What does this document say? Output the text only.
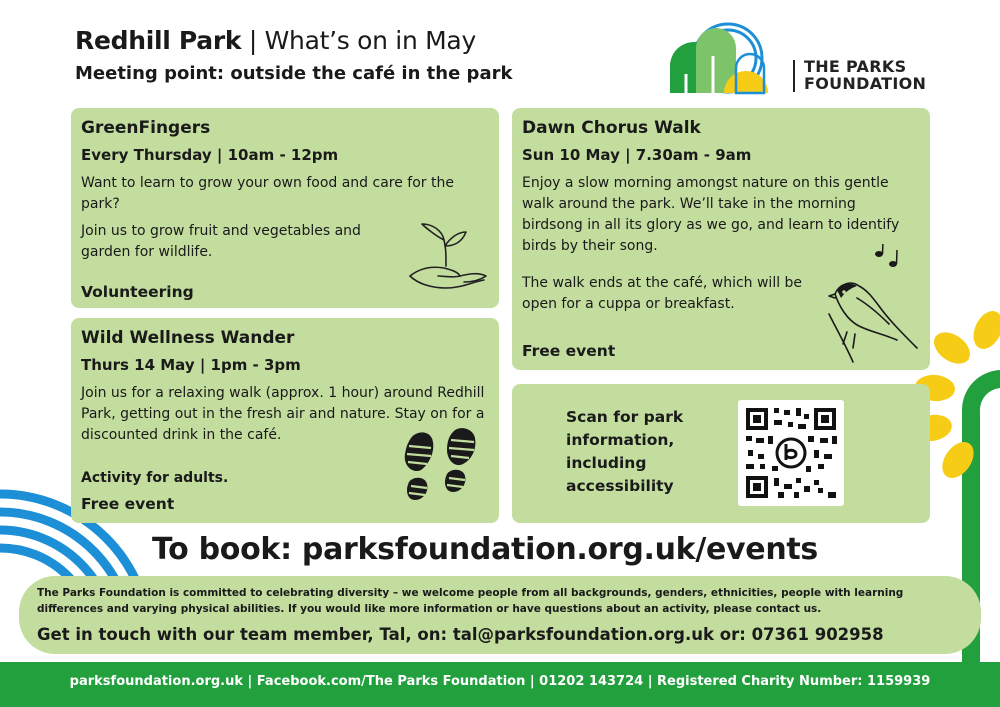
Redhill Park | What’s on in May
Meeting point: outside the café in the park	THE PARKS
FOUNDATION
GreenFingers
Every Thursday | 10am - 12pm

Want to learn to grow your own food and care for the park?

Join us to grow fruit and vegetables and garden for wildlife.

Volunteering
Wild Wellness Wander
Thurs 14 May | 1pm - 3pm

Join us for a relaxing walk (approx. 1 hour) around Redhill Park, getting out in the fresh air and nature. Stay on for a discounted drink in the café.

Activity for adults.
Free event
Dawn Chorus Walk
Sun 10 May | 7.30am - 9am

Enjoy a slow morning amongst nature on this gentle walk around the park. We’ll take in the morning birdsong in all its glory as we go, and learn to identify birds by their song.

The walk ends at the café, which will be open for a cuppa or breakfast.

Free event
Scan for park information, including accessibility
To book: parksfoundation.org.uk/events
The Parks Foundation is committed to celebrating diversity – we welcome people from all backgrounds, genders, ethnicities, people with learning differences and varying physical abilities. If you would like more information or have questions about an activity, please contact us.
Get in touch with our team member, Tal, on: tal@parksfoundation.org.uk or: 07361 902958
parksfoundation.org.uk | Facebook.com/The Parks Foundation | 01202 143724 | Registered Charity Number: 1159939
